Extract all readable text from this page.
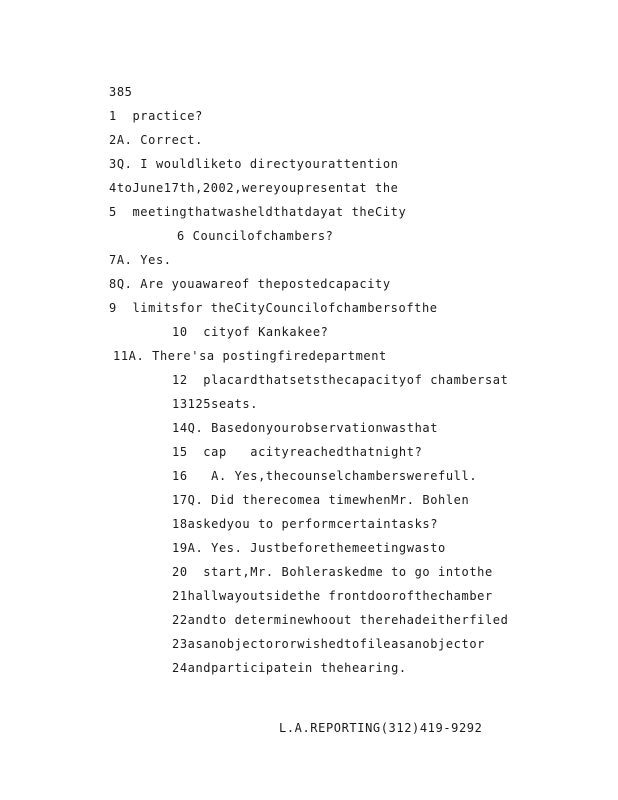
385
1  practice?
2A. Correct.
3Q. I wouldliketo directyourattention
4toJune17th,2002,wereyoupresentat the
5  meetingthatwasheldthatdayat theCity
6 Councilofchambers?
7A. Yes.
8Q. Are youawareof thepostedcapacity
9  limitsfor theCityCouncilofchambersofthe
10  cityof Kankakee?
11A. There'sa postingfiredepartment
12  placardthatsetsthecapacityof chambersat
13125seats.
14Q. Basedonyourobservationwasthat
15  cap   acityreachedthatnight?
16   A. Yes,thecounselchamberswerefull.
17Q. Did therecomea timewhenMr. Bohlen
18askedyou to performcertaintasks?
19A. Yes. Justbeforethemeetingwasto
20  start,Mr. Bohleraskedme to go intothe
21hallwayoutsidethe frontdoorofthechamber
22andto determinewhoout therehadeitherfiled
23asanobjectororwishedtofileasanobjector
24andparticipatein thehearing.
L.A.REPORTING(312)419-9292
